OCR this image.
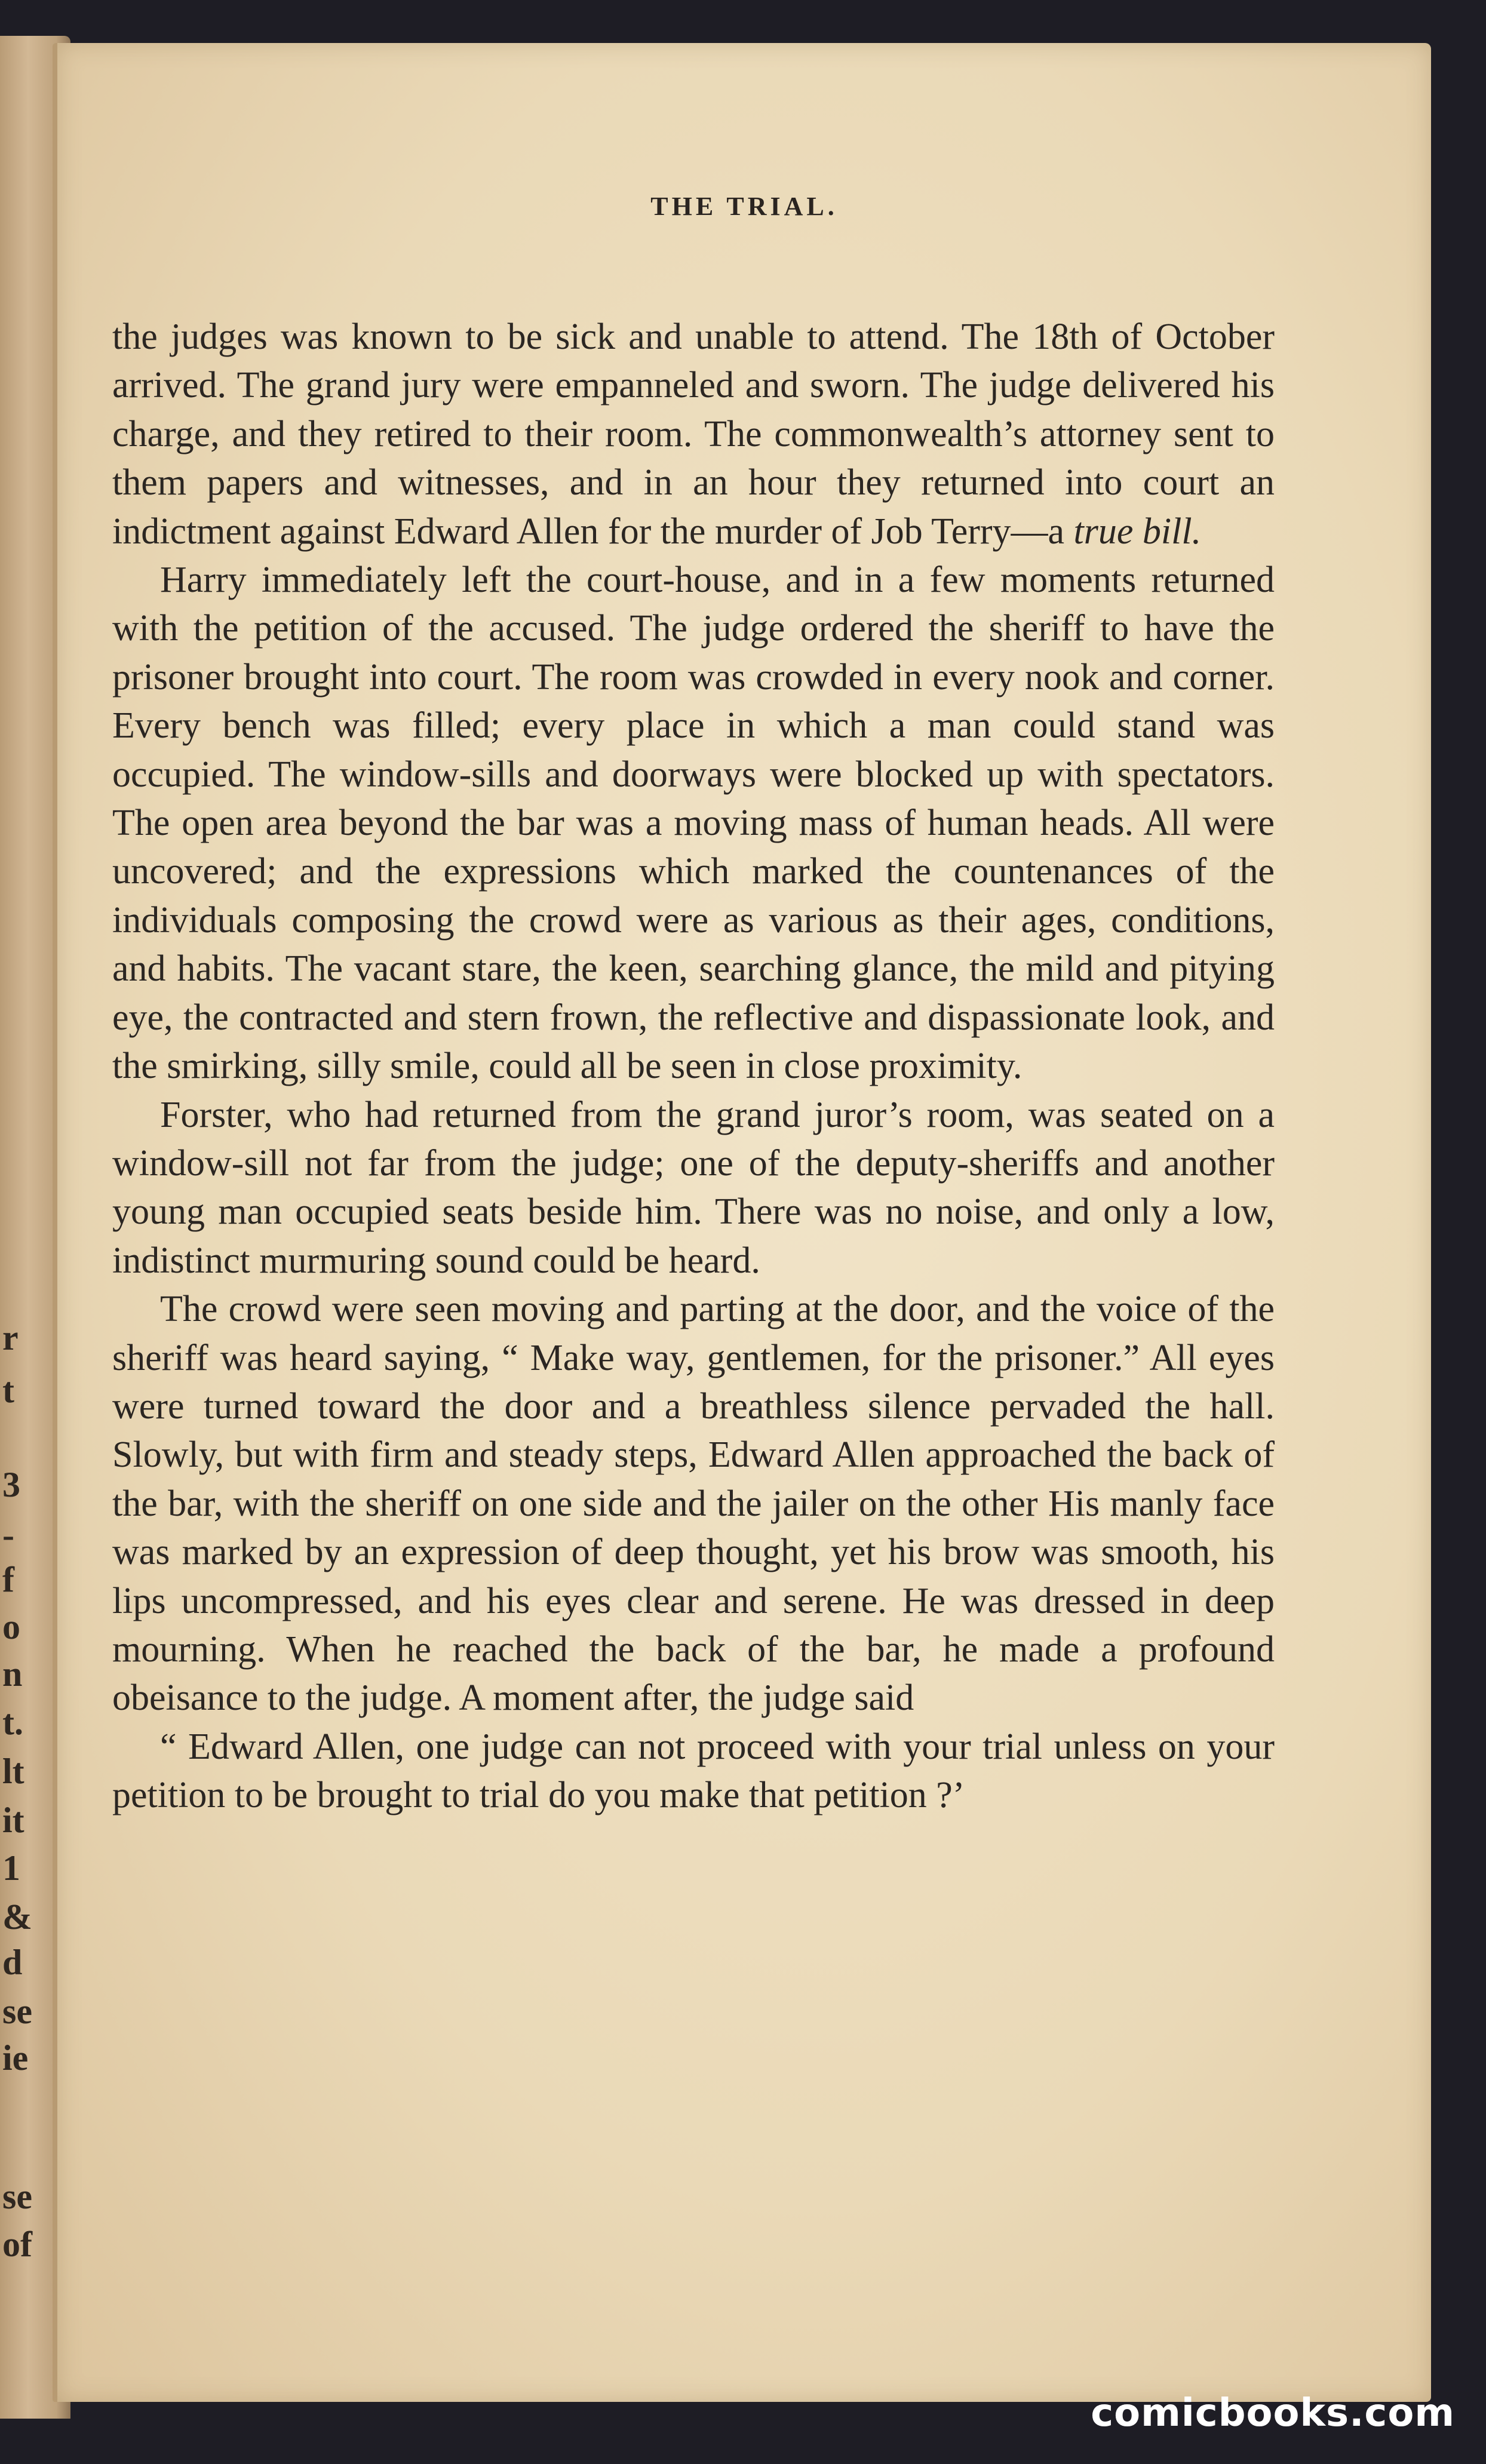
r
t
3
-
f
o
n
t.
lt
it
1
&
d
se
ie
se
of
THE TRIAL.

the judges was known to be sick and unable to attend. The 18th of October arrived. The grand jury were empanneled and sworn. The judge delivered his charge, and they retired to their room. The commonwealth’s attorney sent to them papers and witnesses, and in an hour they returned into court an indictment against Edward Allen for the murder of Job Terry—a true bill.

Harry immediately left the court-house, and in a few moments returned with the petition of the accused. The judge ordered the sheriff to have the prisoner brought into court. The room was crowded in every nook and corner. Every bench was filled; every place in which a man could stand was occupied. The window-sills and doorways were blocked up with spectators. The open area beyond the bar was a moving mass of human heads. All were uncovered; and the expressions which marked the countenances of the individuals composing the crowd were as various as their ages, conditions, and habits. The vacant stare, the keen, searching glance, the mild and pitying eye, the contracted and stern frown, the reflective and dispassionate look, and the smirking, silly smile, could all be seen in close proximity.

Forster, who had returned from the grand juror’s room, was seated on a window-sill not far from the judge; one of the deputy-sheriffs and another young man occupied seats beside him. There was no noise, and only a low, indistinct murmuring sound could be heard.

The crowd were seen moving and parting at the door, and the voice of the sheriff was heard saying, “ Make way, gentlemen, for the prisoner.” All eyes were turned toward the door and a breathless silence pervaded the hall. Slowly, but with firm and steady steps, Edward Allen approached the back of the bar, with the sheriff on one side and the jailer on the other His manly face was marked by an expression of deep thought, yet his brow was smooth, his lips uncompressed, and his eyes clear and serene. He was dressed in deep mourning. When he reached the back of the bar, he made a profound obeisance to the judge. A moment after, the judge said

“ Edward Allen, one judge can not proceed with your trial unless on your petition to be brought to trial do you make that petition ?’

comicbooks.com
